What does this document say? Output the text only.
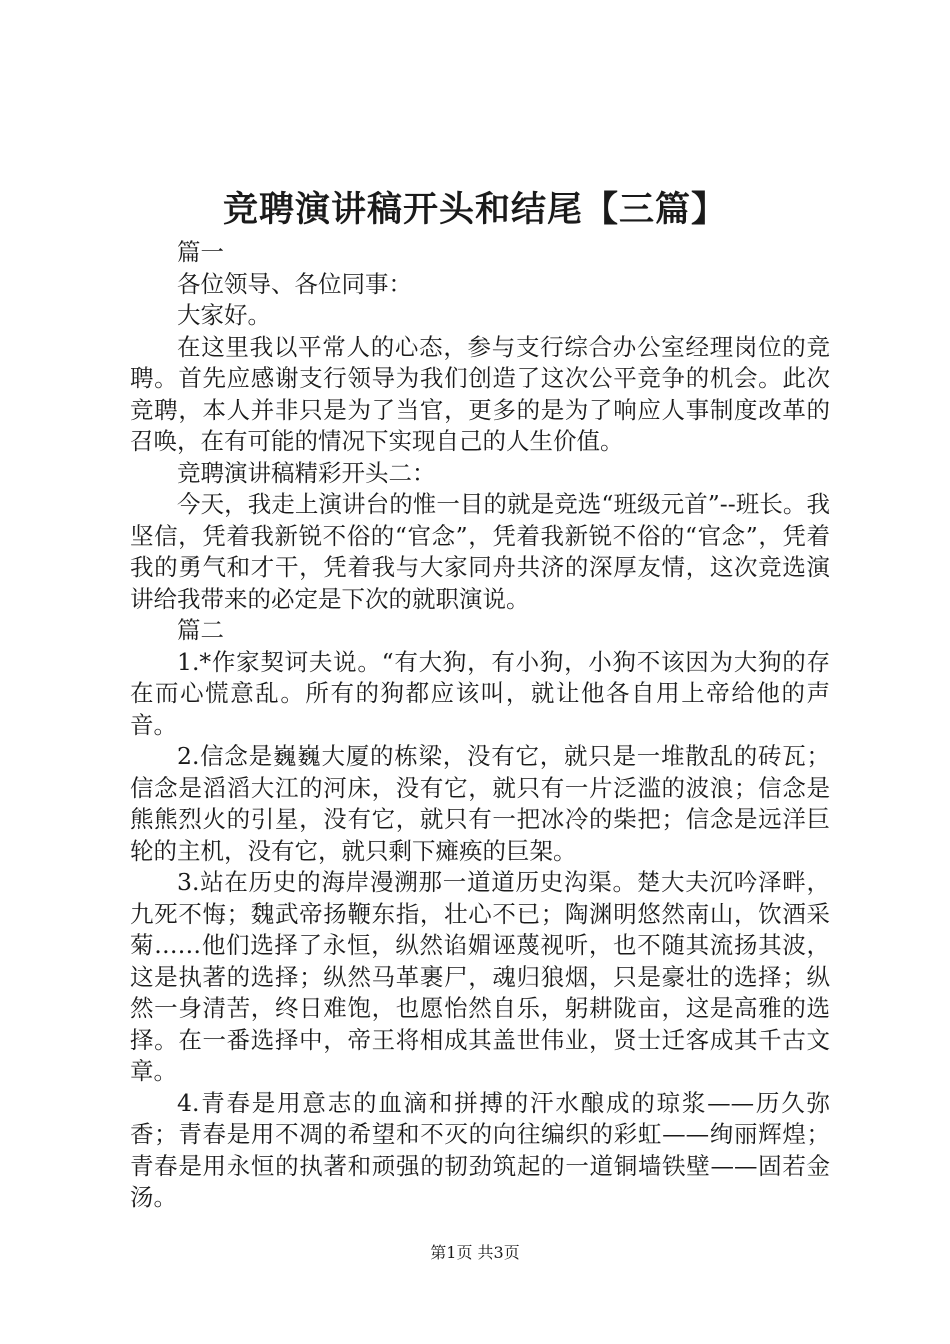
竞聘演讲稿开头和结尾【三篇】

篇一

各位领导、各位同事：

大家好。

在这里我以平常人的心态，参与支行综合办公室经理岗位的竞聘。首先应感谢支行领导为我们创造了这次公平竞争的机会。此次竞聘，本人并非只是为了当官，更多的是为了响应人事制度改革的召唤，在有可能的情况下实现自己的人生价值。

竞聘演讲稿精彩开头二：

今天，我走上演讲台的惟一目的就是竞选“班级元首”--班长。我坚信，凭着我新锐不俗的“官念”，凭着我新锐不俗的“官念”，凭着我的勇气和才干，凭着我与大家同舟共济的深厚友情，这次竞选演讲给我带来的必定是下次的就职演说。

篇二

1.*作家契诃夫说。“有大狗，有小狗，小狗不该因为大狗的存在而心慌意乱。所有的狗都应该叫，就让他各自用上帝给他的声音。

2.信念是巍巍大厦的栋梁，没有它，就只是一堆散乱的砖瓦；信念是滔滔大江的河床，没有它，就只有一片泛滥的波浪；信念是熊熊烈火的引星，没有它，就只有一把冰冷的柴把；信念是远洋巨轮的主机，没有它，就只剩下瘫痪的巨架。

3.站在历史的海岸漫溯那一道道历史沟渠。楚大夫沉吟泽畔，九死不悔；魏武帝扬鞭东指，壮心不已；陶渊明悠然南山，饮酒采菊……他们选择了永恒，纵然谄媚诬蔑视听，也不随其流扬其波，这是执著的选择；纵然马革裹尸，魂归狼烟，只是豪壮的选择；纵然一身清苦，终日难饱，也愿怡然自乐，躬耕陇亩，这是高雅的选择。在一番选择中，帝王将相成其盖世伟业，贤士迁客成其千古文章。

4.青春是用意志的血滴和拼搏的汗水酿成的琼浆——历久弥香；青春是用不凋的希望和不灭的向往编织的彩虹——绚丽辉煌；青春是用永恒的执著和顽强的韧劲筑起的一道铜墙铁壁——固若金汤。

第1页 共3页
